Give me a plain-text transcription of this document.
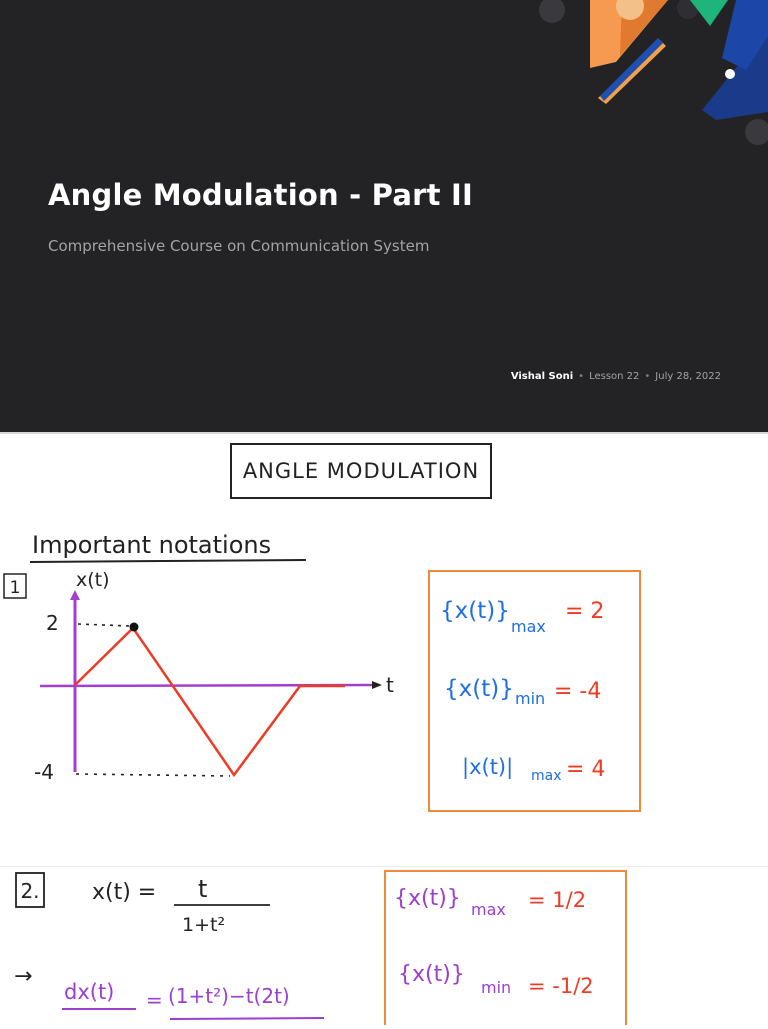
Angle Modulation - Part II
Comprehensive Course on Communication System
Vishal Soni • Lesson 22 • July 28, 2022
ANGLE MODULATION
Important notations
1	x(t)
t
2
-4
{x(t)}
max
= 2
{x(t)} min = -4
|x(t)| max = 4
2. x(t) = t
1+t²
→
dx(t) = (1+t²)−t(2t)
{x(t)} max = 1/2
{x(t)}
min = -1/2
